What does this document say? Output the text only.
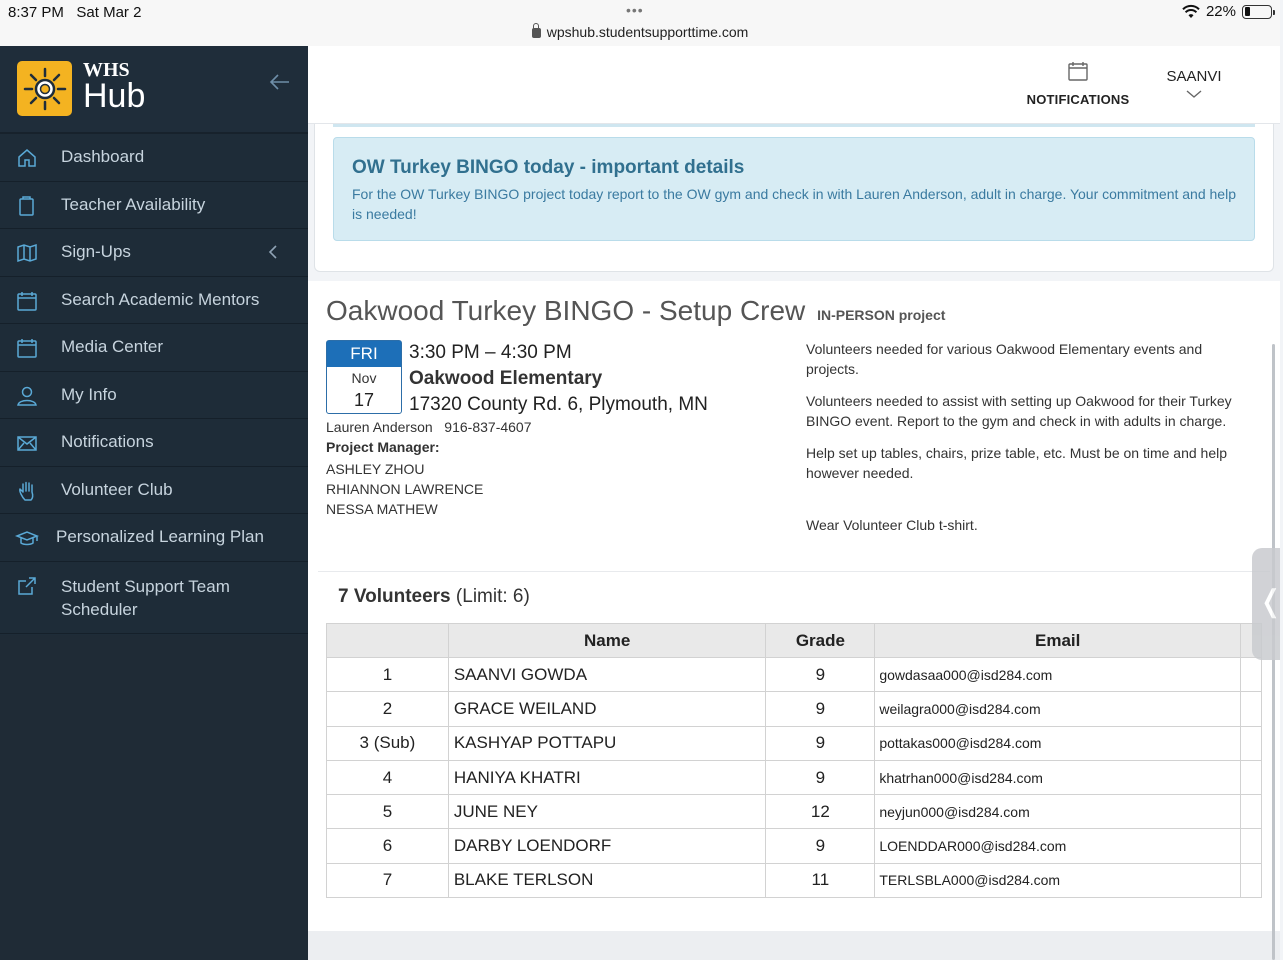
8:37 PM Sat Mar 2	•••
wpshub.studentsupporttime.com
22%
WHS
Hub
Dashboard
Teacher Availability
Sign-Ups
Search Academic Mentors
Media Center
My Info
Notifications
Volunteer Club
Personalized Learning Plan
Student Support Team Scheduler
NOTIFICATIONS
SAANVI
OW Turkey BINGO today - important details
For the OW Turkey BINGO project today report to the OW gym and check in with Lauren Anderson, adult in charge. Your commitment and help is needed!
Oakwood Turkey BINGO - Setup Crew IN-PERSON project
FRI
Nov
17
3:30 PM – 4:30 PM
Oakwood Elementary
17320 County Rd. 6, Plymouth, MN
Lauren Anderson   916-837-4607
Project Manager:
ASHLEY ZHOU
RHIANNON LAWRENCE
NESSA MATHEW

Volunteers needed for various Oakwood Elementary events and projects.

Volunteers needed to assist with setting up Oakwood for their Turkey BINGO event. Report to the gym and check in with adults in charge.

Help set up tables, chairs, prize table, etc. Must be on time and help however needed.

Wear Volunteer Club t-shirt.

7 Volunteers (Limit: 6)
	Name	Grade	Email	
1	SAANVI GOWDA	9	gowdasaa000@isd284.com	
2	GRACE WEILAND	9	weilagra000@isd284.com	
3 (Sub)	KASHYAP POTTAPU	9	pottakas000@isd284.com	
4	HANIYA KHATRI	9	khatrhan000@isd284.com	
5	JUNE NEY	12	neyjun000@isd284.com	
6	DARBY LOENDORF	9	LOENDDAR000@isd284.com	
7	BLAKE TERLSON	11	TERLSBLA000@isd284.com	
❬
